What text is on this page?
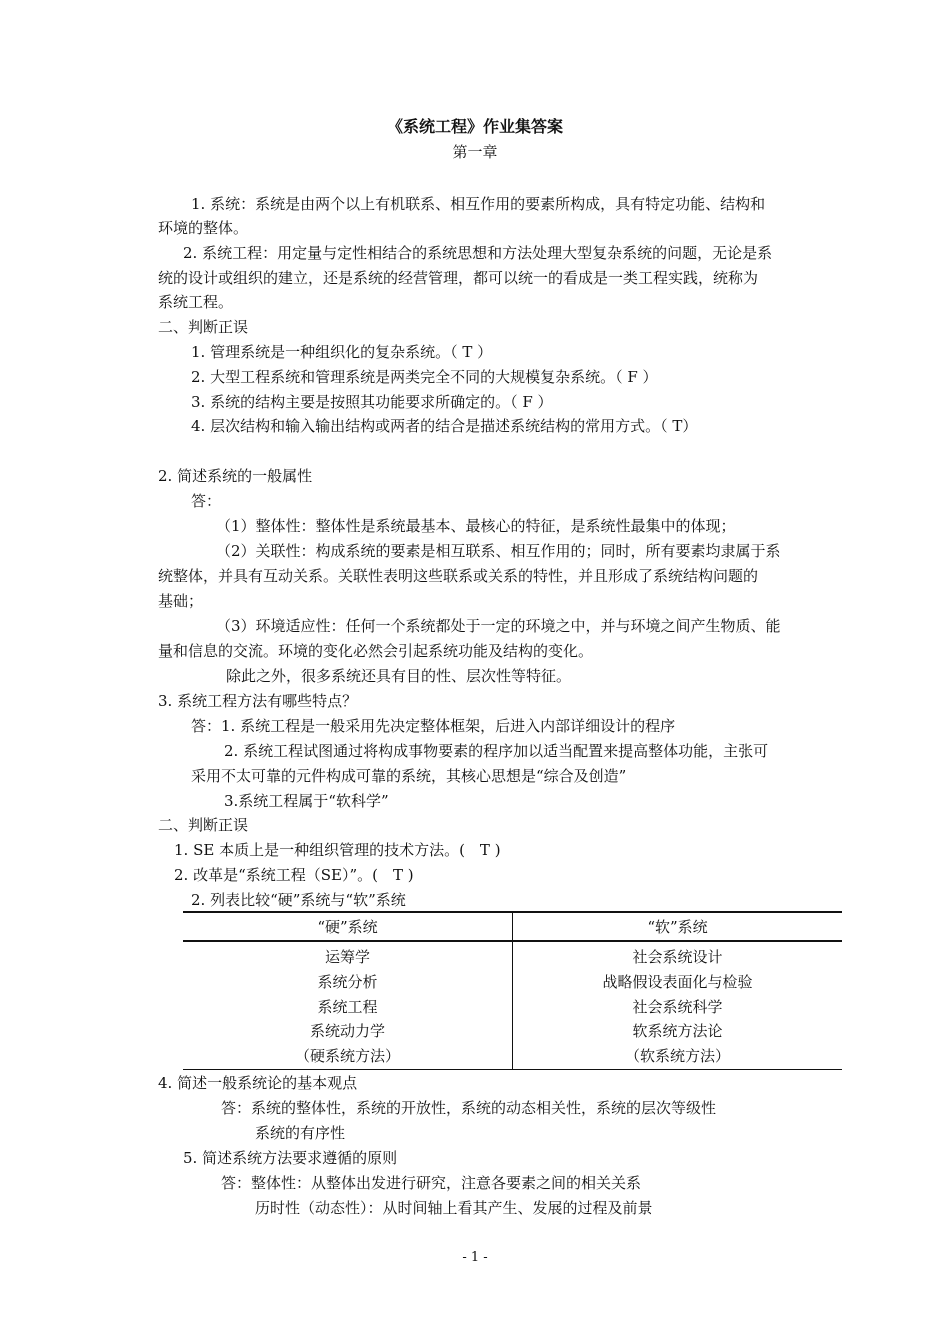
《系统工程》作业集答案
第一章
1. 系统：系统是由两个以上有机联系、相互作用的要素所构成，具有特定功能、结构和
环境的整体。
2. 系统工程：用定量与定性相结合的系统思想和方法处理大型复杂系统的问题，无论是系
统的设计或组织的建立，还是系统的经营管理，都可以统一的看成是一类工程实践，统称为
系统工程。
二、判断正误
1. 管理系统是一种组织化的复杂系统。（ T ）
2. 大型工程系统和管理系统是两类完全不同的大规模复杂系统。（ F ）
3. 系统的结构主要是按照其功能要求所确定的。（ F ）
4. 层次结构和输入输出结构或两者的结合是描述系统结构的常用方式。（ T）
2. 简述系统的一般属性
答：
（1）整体性：整体性是系统最基本、最核心的特征，是系统性最集中的体现；
（2）关联性：构成系统的要素是相互联系、相互作用的；同时，所有要素均隶属于系
统整体，并具有互动关系。关联性表明这些联系或关系的特性，并且形成了系统结构问题的
基础；
（3）环境适应性：任何一个系统都处于一定的环境之中，并与环境之间产生物质、能
量和信息的交流。环境的变化必然会引起系统功能及结构的变化。
除此之外，很多系统还具有目的性、层次性等特征。
3. 系统工程方法有哪些特点？
答：1. 系统工程是一般采用先决定整体框架，后进入内部详细设计的程序
2. 系统工程试图通过将构成事物要素的程序加以适当配置来提高整体功能，主张可
采用不太可靠的元件构成可靠的系统，其核心思想是“综合及创造”
3.系统工程属于“软科学”
二、判断正误
1. SE 本质上是一种组织管理的技术方法。(　T )
2. 改革是“系统工程（SE）”。(　T )
2. 列表比较“硬”系统与“软”系统
“硬”系统	“软”系统
运筹学	社会系统设计
系统分析	战略假设表面化与检验
系统工程	社会系统科学
系统动力学	软系统方法论
（硬系统方法）	（软系统方法）
4. 简述一般系统论的基本观点
答：系统的整体性，系统的开放性，系统的动态相关性，系统的层次等级性
系统的有序性
5. 简述系统方法要求遵循的原则
答：整体性：从整体出发进行研究，注意各要素之间的相关关系
历时性（动态性）：从时间轴上看其产生、发展的过程及前景
- 1 -
